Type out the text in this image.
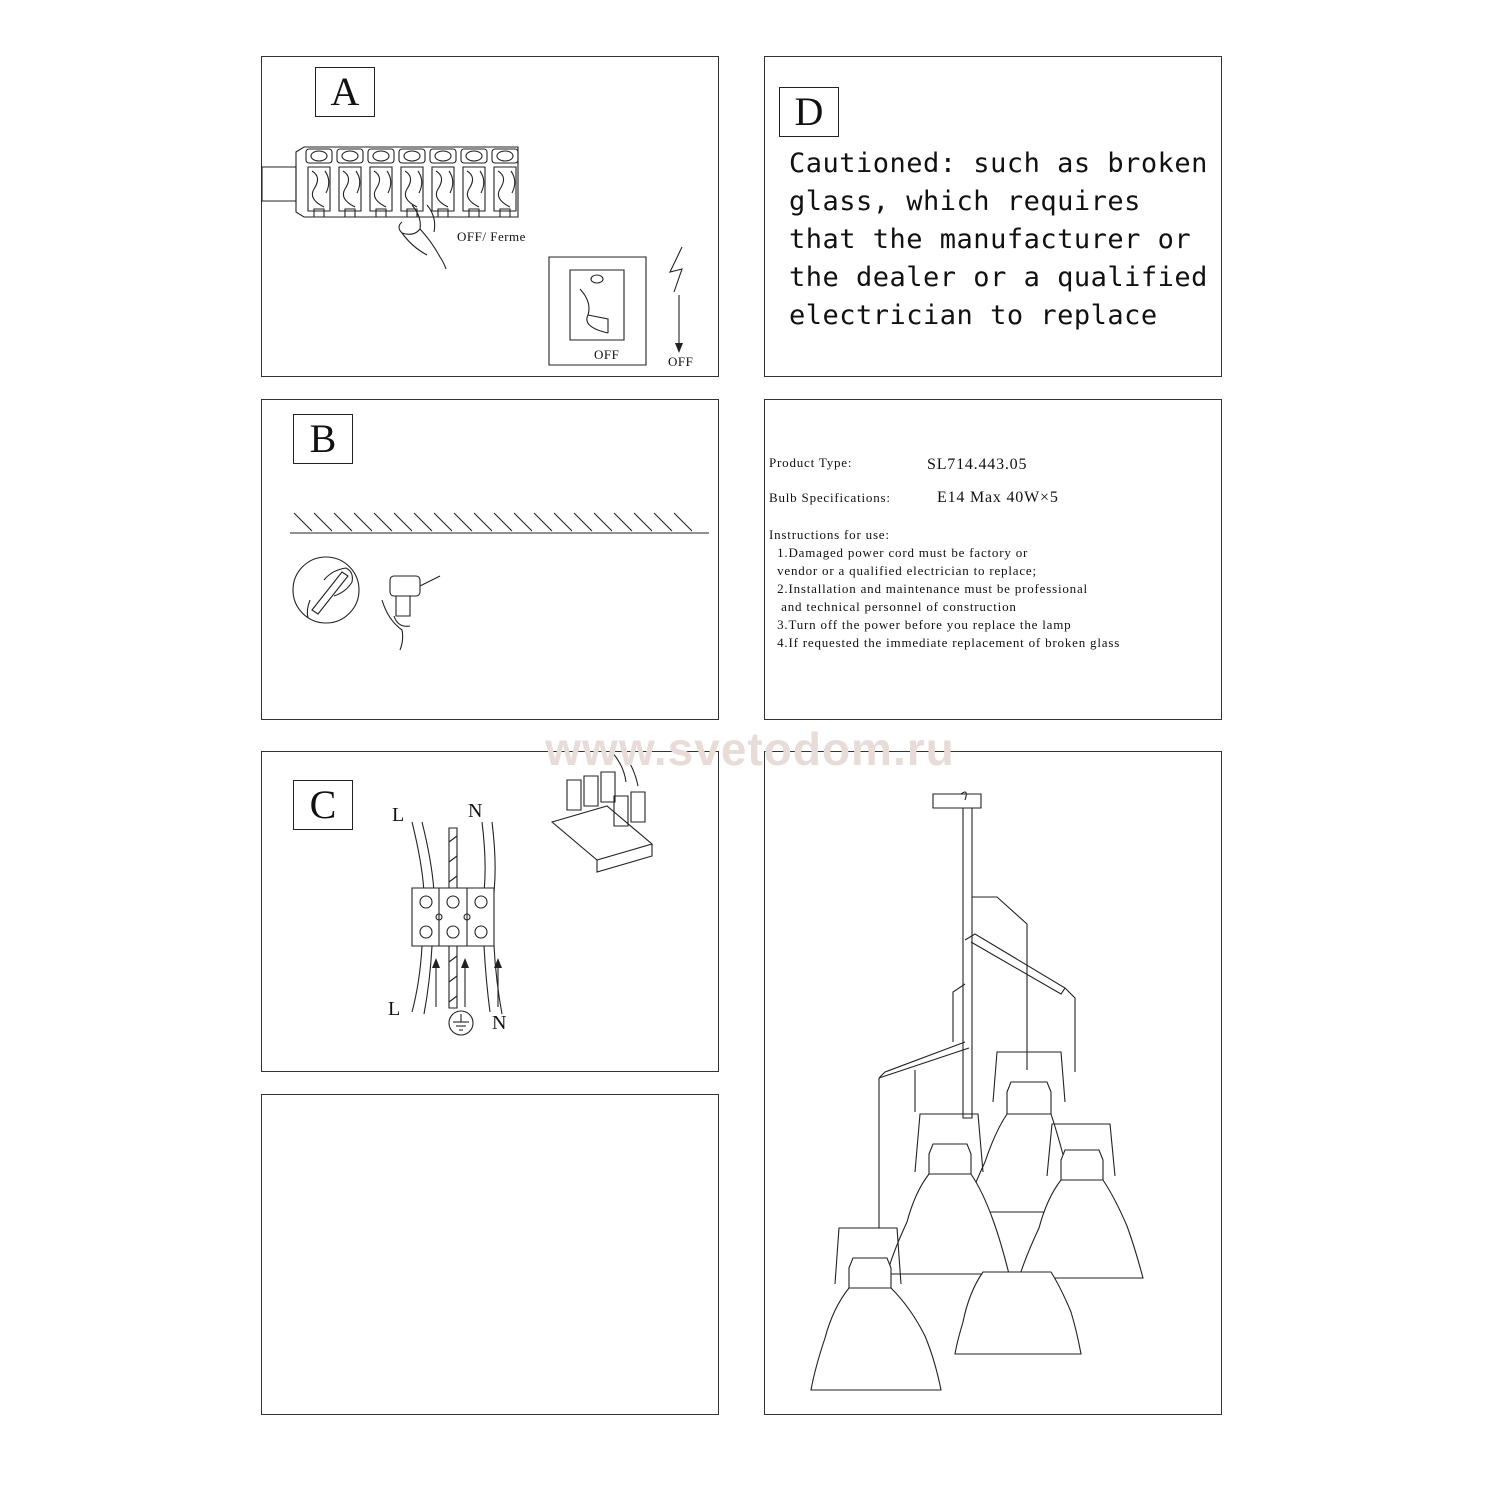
A
OFF/ Ferme
OFF	OFF
D
Cautioned: such as broken
glass, which requires
that the manufacturer or
the dealer or a qualified
electrician to replace
B
Product Type:	SL714.443.05
Bulb Specifications:	E14 Max 40W×5
Instructions for use:
1.Damaged power cord must be factory or
vendor or a qualified electrician to replace;
2.Installation and maintenance must be professional
and technical personnel of construction
3.Turn off the power before you replace the lamp
4.If requested the immediate replacement of broken glass
C	L	N
L
N
www.svetodom.ru
